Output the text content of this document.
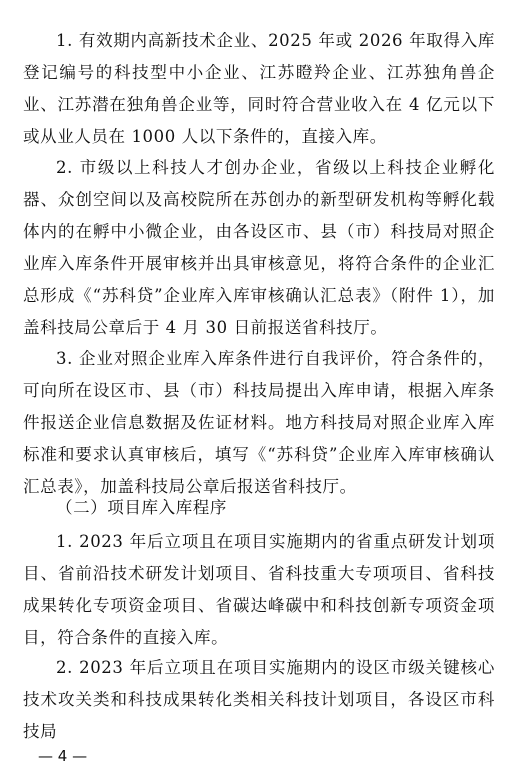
1. 有效期内高新技术企业、2025 年或 2026 年取得入库登记编号的科技型中小企业、江苏瞪羚企业、江苏独角兽企业、江苏潜在独角兽企业等，同时符合营业收入在 4 亿元以下或从业人员在 1000 人以下条件的，直接入库。

2. 市级以上科技人才创办企业，省级以上科技企业孵化器、众创空间以及高校院所在苏创办的新型研发机构等孵化载体内的在孵中小微企业，由各设区市、县（市）科技局对照企业库入库条件开展审核并出具审核意见，将符合条件的企业汇总形成《“苏科贷”企业库入库审核确认汇总表》（附件 1），加盖科技局公章后于 4 月 30 日前报送省科技厅。

3. 企业对照企业库入库条件进行自我评价，符合条件的，可向所在设区市、县（市）科技局提出入库申请，根据入库条件报送企业信息数据及佐证材料。地方科技局对照企业库入库标准和要求认真审核后，填写《“苏科贷”企业库入库审核确认汇总表》，加盖科技局公章后报送省科技厅。

（二）项目库入库程序

1. 2023 年后立项且在项目实施期内的省重点研发计划项目、省前沿技术研发计划项目、省科技重大专项项目、省科技成果转化专项资金项目、省碳达峰碳中和科技创新专项资金项目，符合条件的直接入库。

2. 2023 年后立项且在项目实施期内的设区市级关键核心技术攻关类和科技成果转化类相关科技计划项目，各设区市科技局

— 4 —
